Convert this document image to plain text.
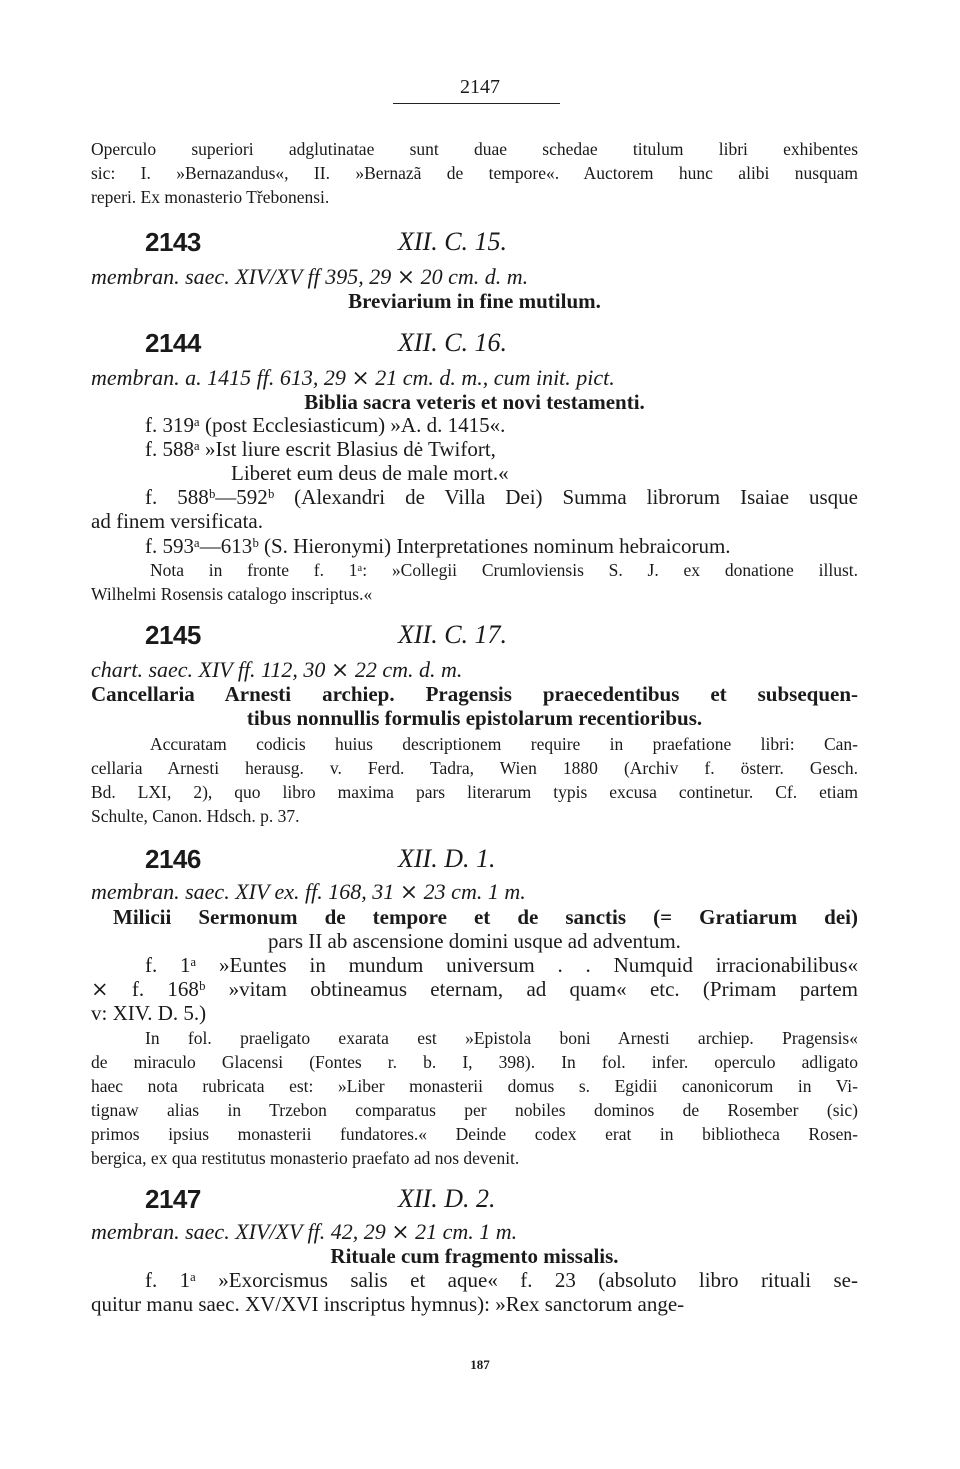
2147
Operculo superiori adglutinatae sunt duae schedae titulum libri exhibentes
sic: I. »Bernazandus«, II. »Bernazã de tempore«. Auctorem hunc alibi nusquam
reperi. Ex monasterio Třebonensi.
2143	XII. C. 15.
membran. saec. XIV/XV ff 395, 29 ⨯ 20 cm. d. m.
Breviarium in fine mutilum.
2144	XII. C. 16.
membran. a. 1415 ff. 613, 29 ⨯ 21 cm. d. m., cum init. pict.
Biblia sacra veteris et novi testamenti.
f. 319ᵃ (post Ecclesiasticum) »A. d. 1415«.
f. 588ᵃ »Ist liure escrit Blasius dė Twifort,
Liberet eum deus de male mort.«
f. 588ᵇ—592ᵇ (Alexandri de Villa Dei) Summa librorum Isaiae usque
ad finem versificata.
f. 593ᵃ—613ᵇ (S. Hieronymi) Interpretationes nominum hebraicorum.
Nota in fronte f. 1ᵃ: »Collegii Crumloviensis S. J. ex donatione illust.
Wilhelmi Rosensis catalogo inscriptus.«
2145	XII. C. 17.
chart. saec. XIV ff. 112, 30 ⨯ 22 cm. d. m.
Cancellaria Arnesti archiep. Pragensis praecedentibus et subsequen-
tibus nonnullis formulis epistolarum recentioribus.
Accuratam codicis huius descriptionem require in praefatione libri: Can-
cellaria Arnesti herausg. v. Ferd. Tadra, Wien 1880 (Archiv f. österr. Gesch.
Bd. LXI, 2), quo libro maxima pars literarum typis excusa continetur. Cf. etiam
Schulte, Canon. Hdsch. p. 37.
2146	XII. D. 1.
membran. saec. XIV ex. ff. 168, 31 ⨯ 23 cm. 1 m.
Milicii Sermonum de tempore et de sanctis (= Gratiarum dei)
pars II ab ascensione domini usque ad adventum.
f. 1ᵃ »Euntes in mundum universum . . Numquid irracionabilibus«
⨯ f. 168ᵇ »vitam obtineamus eternam, ad quam« etc. (Primam partem
v: XIV. D. 5.)
In fol. praeligato exarata est »Epistola boni Arnesti archiep. Pragensis«
de miraculo Glacensi (Fontes r. b. I, 398). In fol. infer. operculo adligato
haec nota rubricata est: »Liber monasterii domus s. Egidii canonicorum in Vi-
tignaw alias in Trzebon comparatus per nobiles dominos de Rosember (sic)
primos ipsius monasterii fundatores.« Deinde codex erat in bibliotheca Rosen-
bergica, ex qua restitutus monasterio praefato ad nos devenit.
2147	XII. D. 2.
membran. saec. XIV/XV ff. 42, 29 ⨯ 21 cm. 1 m.
Rituale cum fragmento missalis.
f. 1ᵃ »Exorcismus salis et aque« f. 23 (absoluto libro rituali se-
quitur manu saec. XV/XVI inscriptus hymnus): »Rex sanctorum ange-
187
